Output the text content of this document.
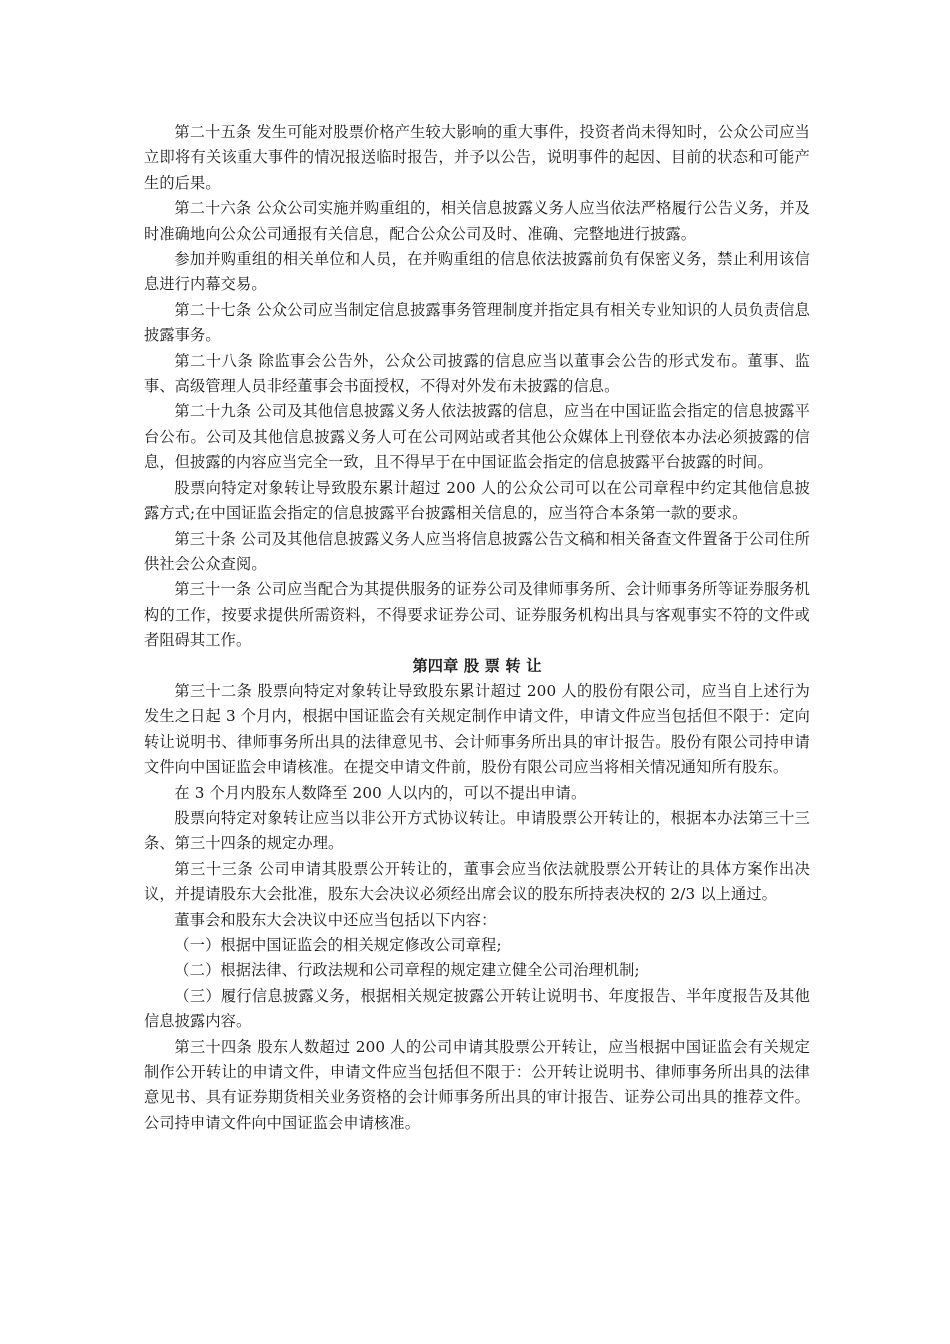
第二十五条 发生可能对股票价格产生较大影响的重大事件，投资者尚未得知时，公众公司应当立即将有关该重大事件的情况报送临时报告，并予以公告，说明事件的起因、目前的状态和可能产生的后果。

第二十六条 公众公司实施并购重组的，相关信息披露义务人应当依法严格履行公告义务，并及时准确地向公众公司通报有关信息，配合公众公司及时、准确、完整地进行披露。

参加并购重组的相关单位和人员，在并购重组的信息依法披露前负有保密义务，禁止利用该信息进行内幕交易。

第二十七条 公众公司应当制定信息披露事务管理制度并指定具有相关专业知识的人员负责信息披露事务。

第二十八条 除监事会公告外，公众公司披露的信息应当以董事会公告的形式发布。董事、监事、高级管理人员非经董事会书面授权，不得对外发布未披露的信息。

第二十九条 公司及其他信息披露义务人依法披露的信息，应当在中国证监会指定的信息披露平台公布。公司及其他信息披露义务人可在公司网站或者其他公众媒体上刊登依本办法必须披露的信息，但披露的内容应当完全一致，且不得早于在中国证监会指定的信息披露平台披露的时间。

股票向特定对象转让导致股东累计超过 200 人的公众公司可以在公司章程中约定其他信息披露方式;在中国证监会指定的信息披露平台披露相关信息的，应当符合本条第一款的要求。

第三十条 公司及其他信息披露义务人应当将信息披露公告文稿和相关备查文件置备于公司住所供社会公众查阅。

第三十一条 公司应当配合为其提供服务的证券公司及律师事务所、会计师事务所等证券服务机构的工作，按要求提供所需资料，不得要求证券公司、证券服务机构出具与客观事实不符的文件或者阻碍其工作。

第四章 股 票 转 让

第三十二条 股票向特定对象转让导致股东累计超过 200 人的股份有限公司，应当自上述行为发生之日起 3 个月内，根据中国证监会有关规定制作申请文件，申请文件应当包括但不限于：定向转让说明书、律师事务所出具的法律意见书、会计师事务所出具的审计报告。股份有限公司持申请文件向中国证监会申请核准。在提交申请文件前，股份有限公司应当将相关情况通知所有股东。

在 3 个月内股东人数降至 200 人以内的，可以不提出申请。

股票向特定对象转让应当以非公开方式协议转让。申请股票公开转让的，根据本办法第三十三条、第三十四条的规定办理。

第三十三条 公司申请其股票公开转让的，董事会应当依法就股票公开转让的具体方案作出决议，并提请股东大会批准，股东大会决议必须经出席会议的股东所持表决权的 2/3 以上通过。

董事会和股东大会决议中还应当包括以下内容：

（一）根据中国证监会的相关规定修改公司章程;

（二）根据法律、行政法规和公司章程的规定建立健全公司治理机制;

（三）履行信息披露义务，根据相关规定披露公开转让说明书、年度报告、半年度报告及其他信息披露内容。

第三十四条 股东人数超过 200 人的公司申请其股票公开转让，应当根据中国证监会有关规定制作公开转让的申请文件，申请文件应当包括但不限于：公开转让说明书、律师事务所出具的法律意见书、具有证券期货相关业务资格的会计师事务所出具的审计报告、证券公司出具的推荐文件。公司持申请文件向中国证监会申请核准。
